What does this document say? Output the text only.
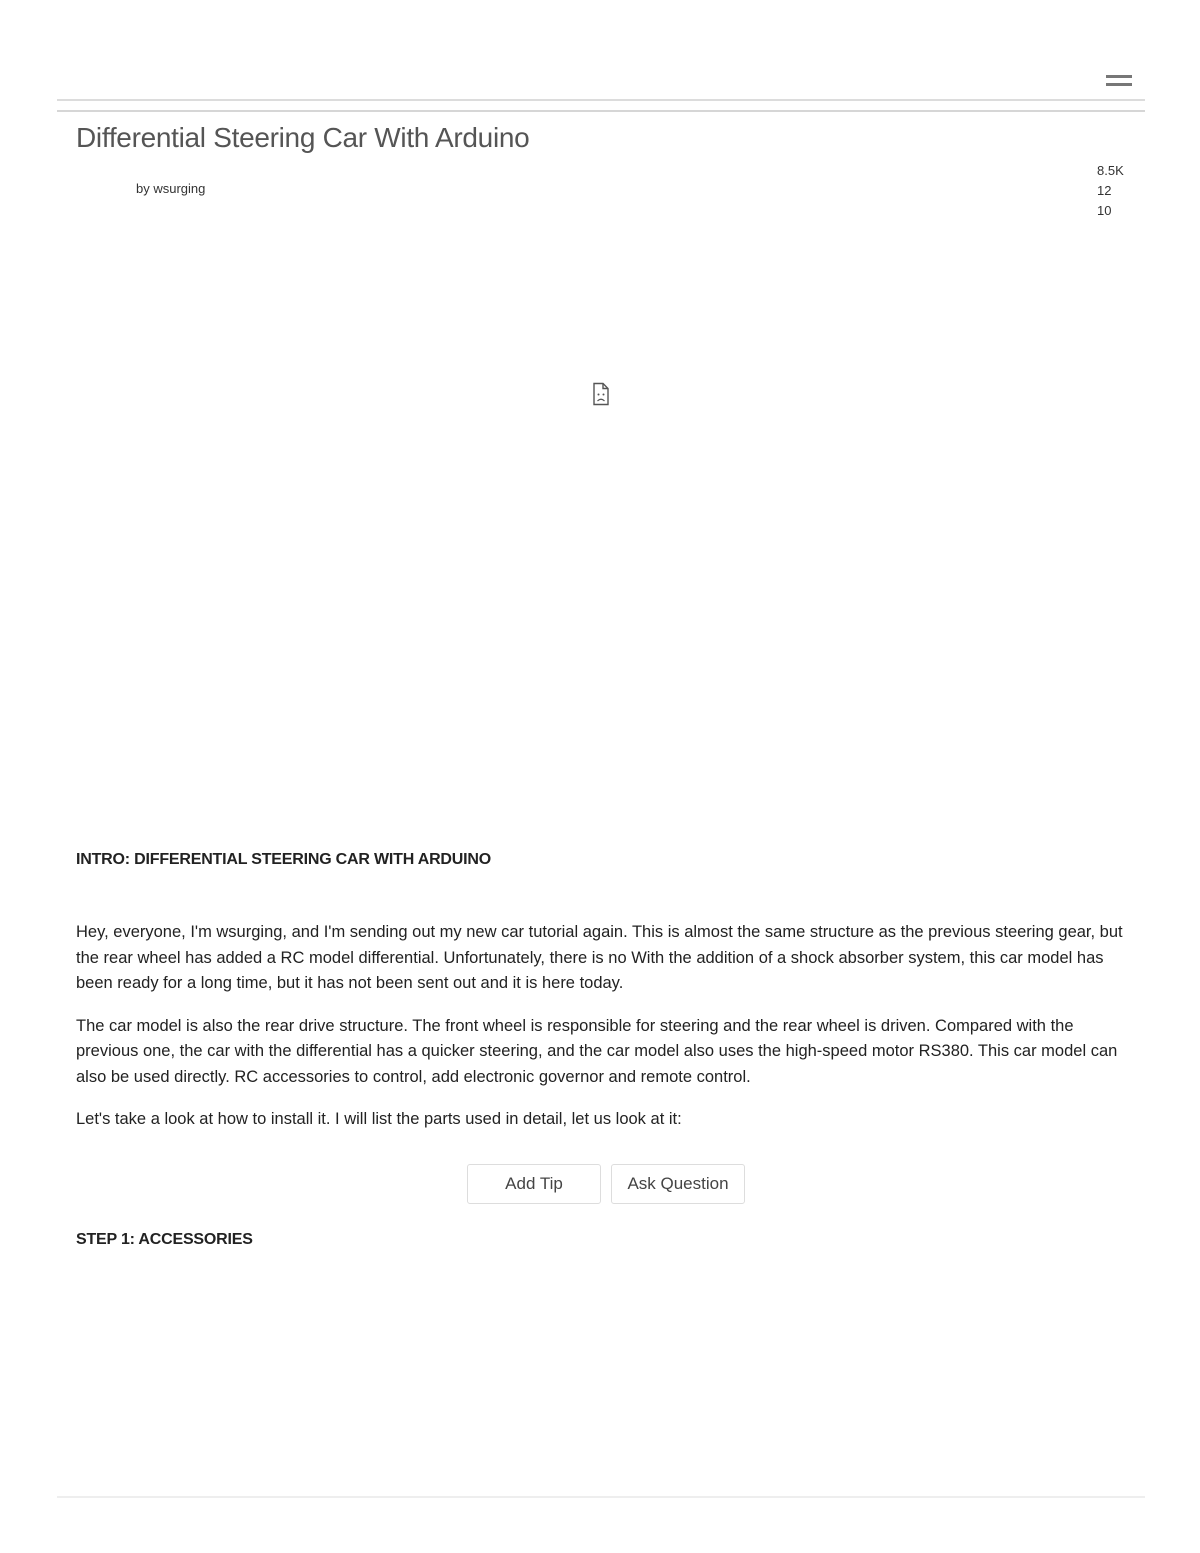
Differential Steering Car With Arduino
by wsurging
8.5K
12
10
INTRO: DIFFERENTIAL STEERING CAR WITH ARDUINO

Hey, everyone, I'm wsurging, and I'm sending out my new car tutorial again. This is almost the same structure as the previous steering gear, but the rear wheel has added a RC model differential. Unfortunately, there is no With the addition of a shock absorber system, this car model has been ready for a long time, but it has not been sent out and it is here today.

The car model is also the rear drive structure. The front wheel is responsible for steering and the rear wheel is driven. Compared with the previous one, the car with the differential has a quicker steering, and the car model also uses the high-speed motor RS380. This car model can also be used directly. RC accessories to control, add electronic governor and remote control.

Let's take a look at how to install it. I will list the parts used in detail, let us look at it:

Add Tip	Ask Question
STEP 1: ACCESSORIES
